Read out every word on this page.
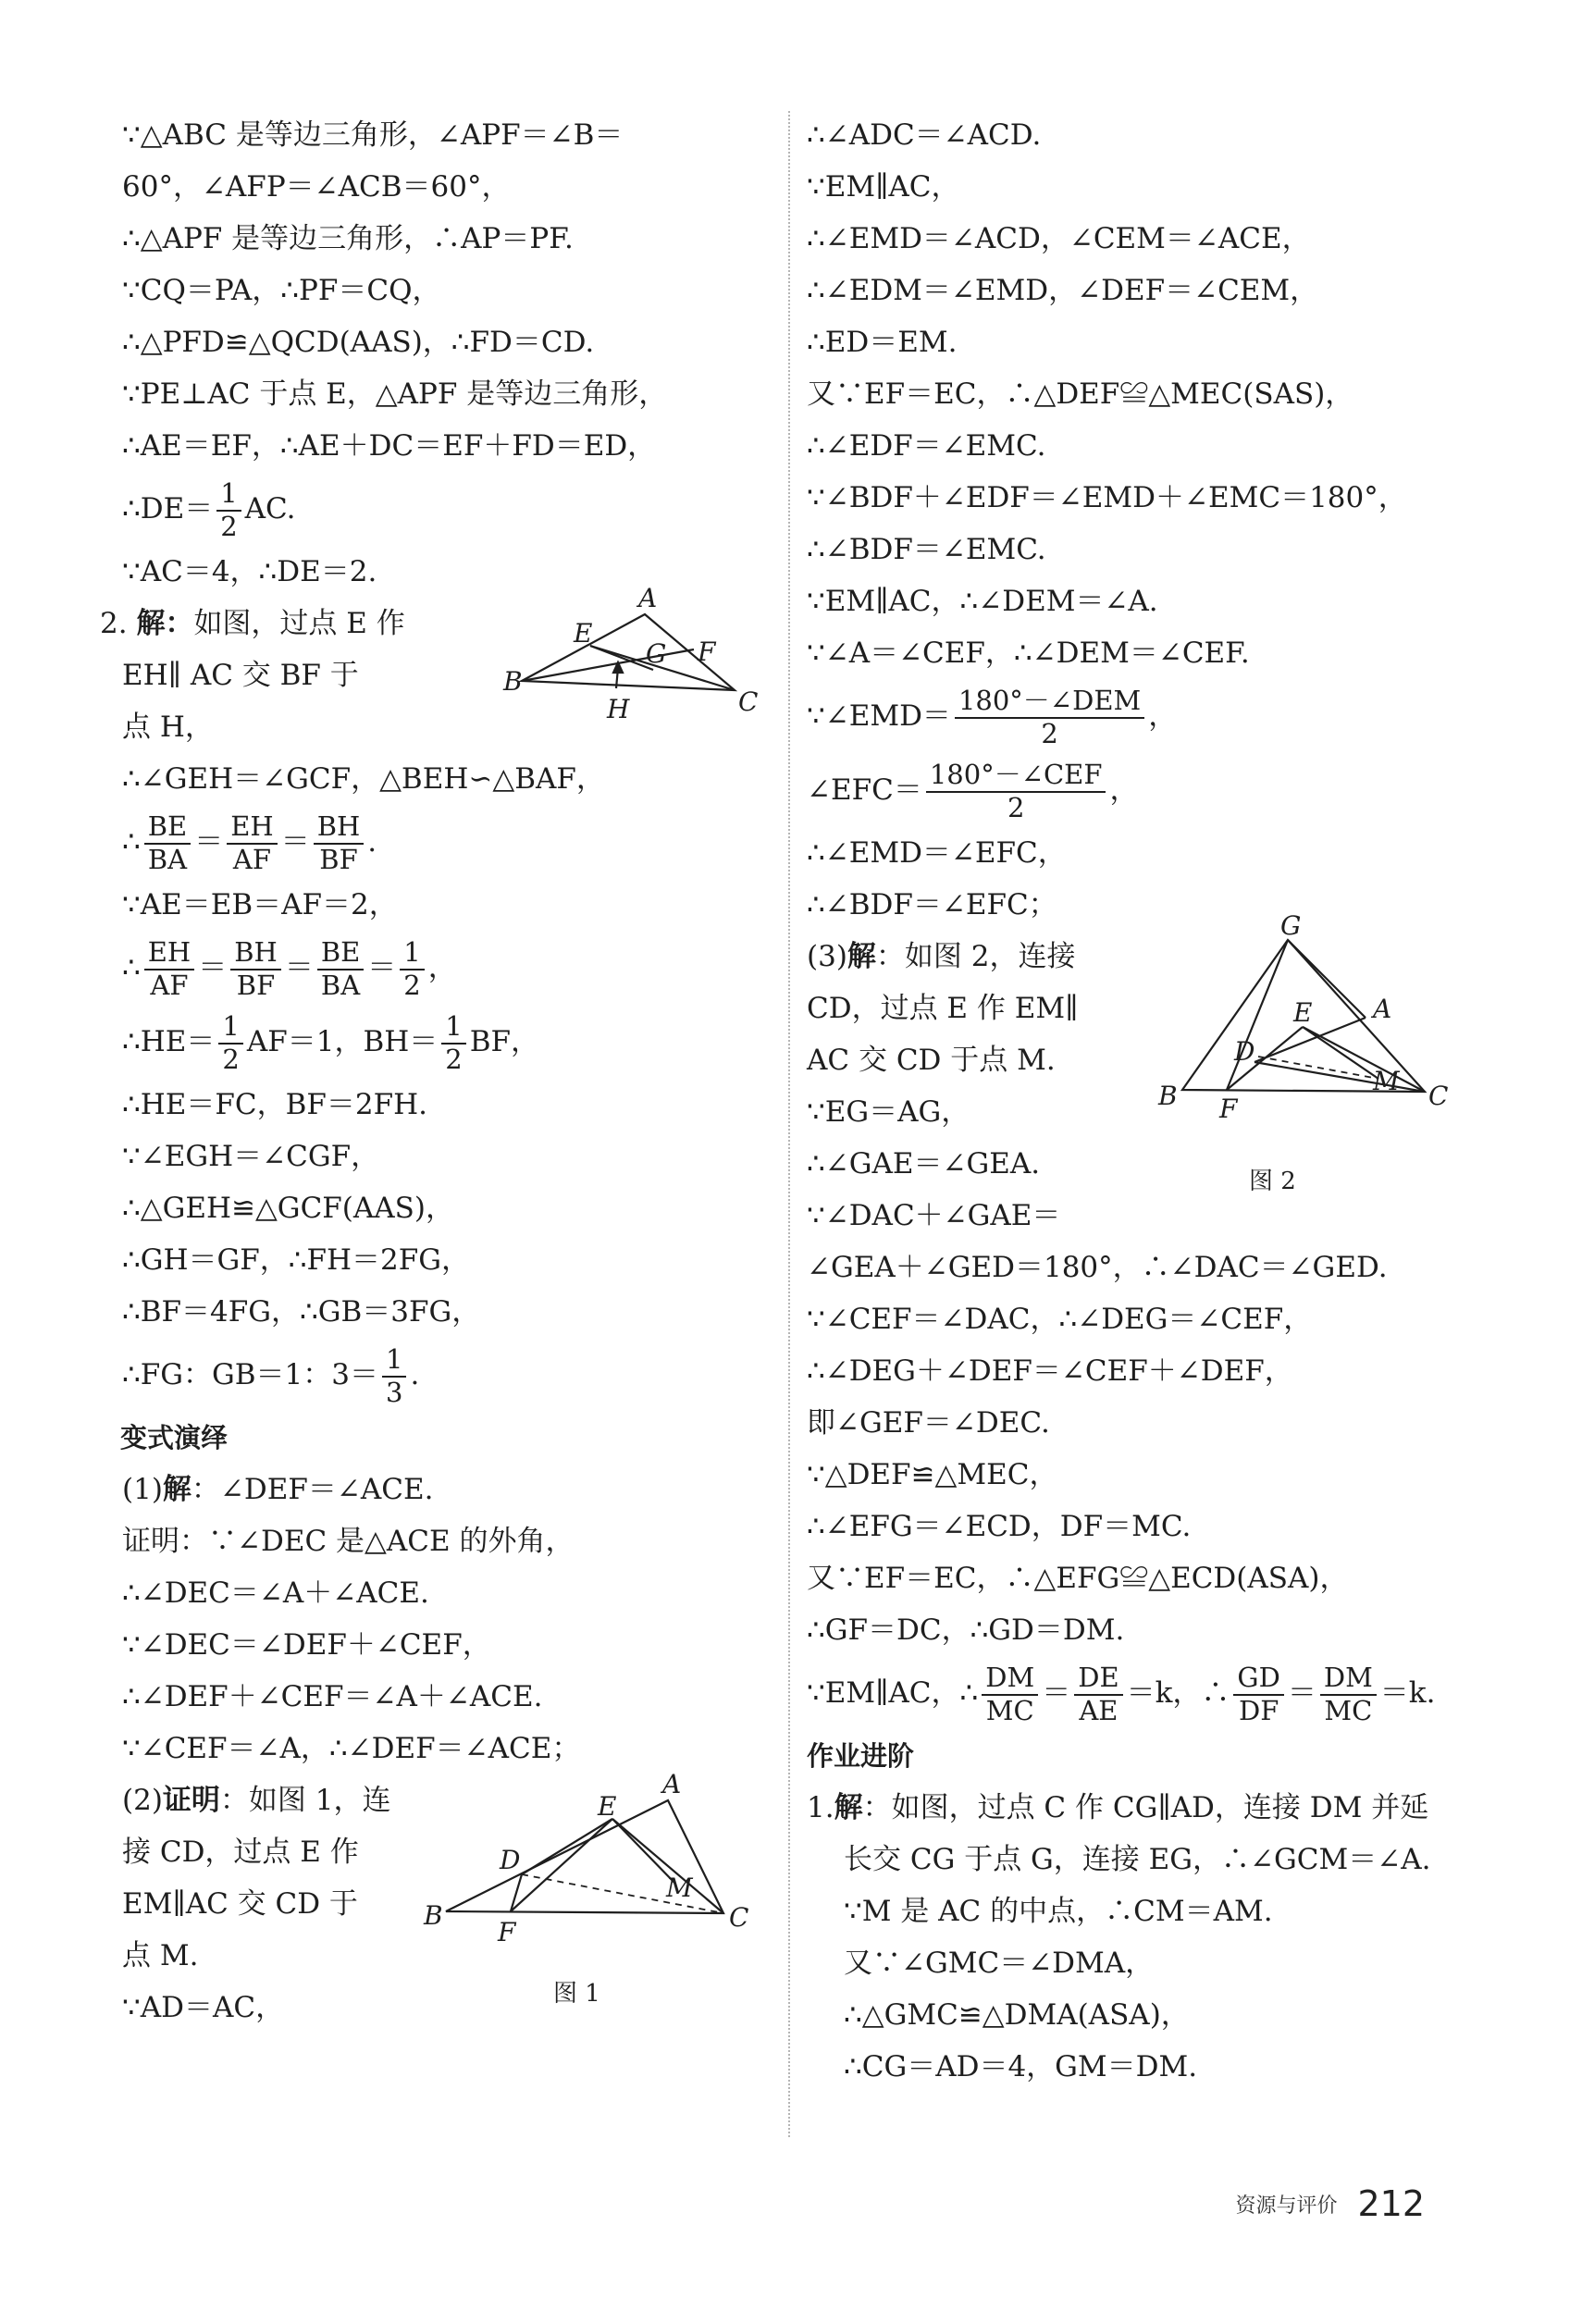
∵△ABC 是等边三角形，∠APF＝∠B＝
60°，∠AFP＝∠ACB＝60°，
∴△APF 是等边三角形，∴AP＝PF.
∵CQ＝PA，∴PF＝CQ，
∴△PFD≌△QCD(AAS)，∴FD＝CD.
∵PE⊥AC 于点 E，△APF 是等边三角形，
∴AE＝EF，∴AE＋DC＝EF＋FD＝ED，
∴DE＝ $\frac{1}{2}$ AC.
∵AC＝4，∴DE＝2.
2. 解：如图，过点 E 作
EH∥ AC 交 BF 于
点 H，
A
B
C
E
F
G
H
∴∠GEH＝∠GCF，△BEH∽△BAF，
∴ $\frac{BE}{BA} = \frac{EH}{AF} = \frac{BH}{BF}$ .
∵AE＝EB＝AF＝2，
∴ $\frac{EH}{AF} = \frac{BH}{BF} = \frac{BE}{BA} = \frac{1}{2}$ ，
∴HE＝ $\frac{1}{2} AF=1$，$BH= \frac{1}{2}$ BF，
∴HE＝FC，BF＝2FH.
∵∠EGH＝∠CGF，
∴△GEH≌△GCF(AAS)，
∴GH＝GF，∴FH＝2FG，
∴BF＝4FG，∴GB＝3FG，
∴FG：GB＝1：$3= \frac{1}{3}$ .
变式演绎
(1)解：∠DEF＝∠ACE.
证明：∵∠DEC 是△ACE 的外角，
∴∠DEC＝∠A＋∠ACE.
∵∠DEC＝∠DEF＋∠CEF，
∴∠DEF＋∠CEF＝∠A＋∠ACE.
∵∠CEF＝∠A，∴∠DEF＝∠ACE；
(2)证明：如图 1，连
接 CD，过点 E 作
EM∥AC 交 CD 于
点 M.
∵AD＝AC，
A
B	C
D
E
F
M
图 1
∴∠ADC＝∠ACD.
∵EM∥AC，
∴∠EMD＝∠ACD，∠CEM＝∠ACE，
∴∠EDM＝∠EMD，∠DEF＝∠CEM，
∴ED＝EM.
又∵EF＝EC，∴△DEF≌△MEC(SAS)，
∴∠EDF＝∠EMC.
∵∠BDF＋∠EDF＝∠EMD＋∠EMC＝180°，
∴∠BDF＝∠EMC.
∵EM∥AC，∴∠DEM＝∠A.
∵∠A＝∠CEF，∴∠DEM＝∠CEF.
∵∠EMD＝ $\frac{\text{180°－∠DEM}}{2}$ ，
∠EFC＝ $\frac{\text{180°－∠CEF}}{2}$ ，
∴∠EMD＝∠EFC，
∴∠BDF＝∠EFC；
(3)解：如图 2，连接
CD，过点 E 作 EM∥
AC 交 CD 于点 M.
∵EG＝AG，
∴∠GAE＝∠GEA.
∵∠DAC＋∠GAE＝
G
A
B	C
D
E
F
M
图 2
∠GEA＋∠GED＝180°，∴∠DAC＝∠GED.
∵∠CEF＝∠DAC，∴∠DEG＝∠CEF，
∴∠DEG＋∠DEF＝∠CEF＋∠DEF，
即∠GEF＝∠DEC.
∵△DEF≌△MEC，
∴∠EFG＝∠ECD，DF＝MC.
又∵EF＝EC，∴△EFG≌△ECD(ASA)，
∴GF＝DC，∴GD＝DM.
∵EM∥AC，∴ $\frac{DM}{MC} = \frac{DE}{AE} =k$，∴ $\frac{GD}{DF} = \frac{DM}{MC} =k$.
作业进阶
1.解：如图，过点 C 作 CG∥AD，连接 DM 并延
长交 CG 于点 G，连接 EG，∴∠GCM＝∠A.
∵M 是 AC 的中点，∴CM＝AM.
又∵∠GMC＝∠DMA，
∴△GMC≌△DMA(ASA)，
∴CG＝AD＝4，GM＝DM.
资源与评价 212
